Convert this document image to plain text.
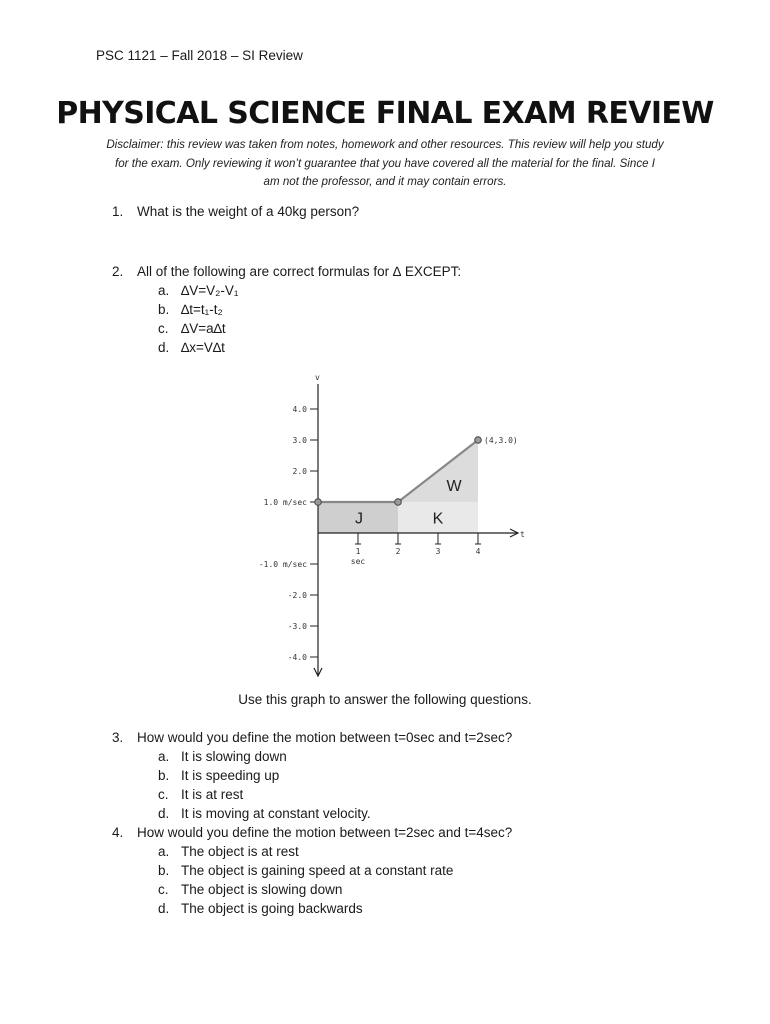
PSC 1121 – Fall 2018 – SI Review
PHYSICAL SCIENCE FINAL EXAM REVIEW
Disclaimer: this review was taken from notes, homework and other resources. This review will help you study
for the exam. Only reviewing it won’t guarantee that you have covered all the material for the final. Since I
am not the professor, and it may contain errors.
1. What is the weight of a 40kg person?
2. All of the following are correct formulas for ∆ EXCEPT:
a. ∆V=V₂-V₁
b. ∆t=t₁-t₂
c. ∆V=a∆t
d. ∆x=V∆t
v
t
4.0
3.0
2.0
1.0 m/sec
-1.0 m/sec
-2.0
-3.0
-4.0
1	2	3	4
sec
(4,3.0)
J	K
W
Use this graph to answer the following questions.
3. How would you define the motion between t=0sec and t=2sec?
a. It is slowing down
b. It is speeding up
c. It is at rest
d. It is moving at constant velocity.
4. How would you define the motion between t=2sec and t=4sec?
a. The object is at rest
b. The object is gaining speed at a constant rate
c. The object is slowing down
d. The object is going backwards
